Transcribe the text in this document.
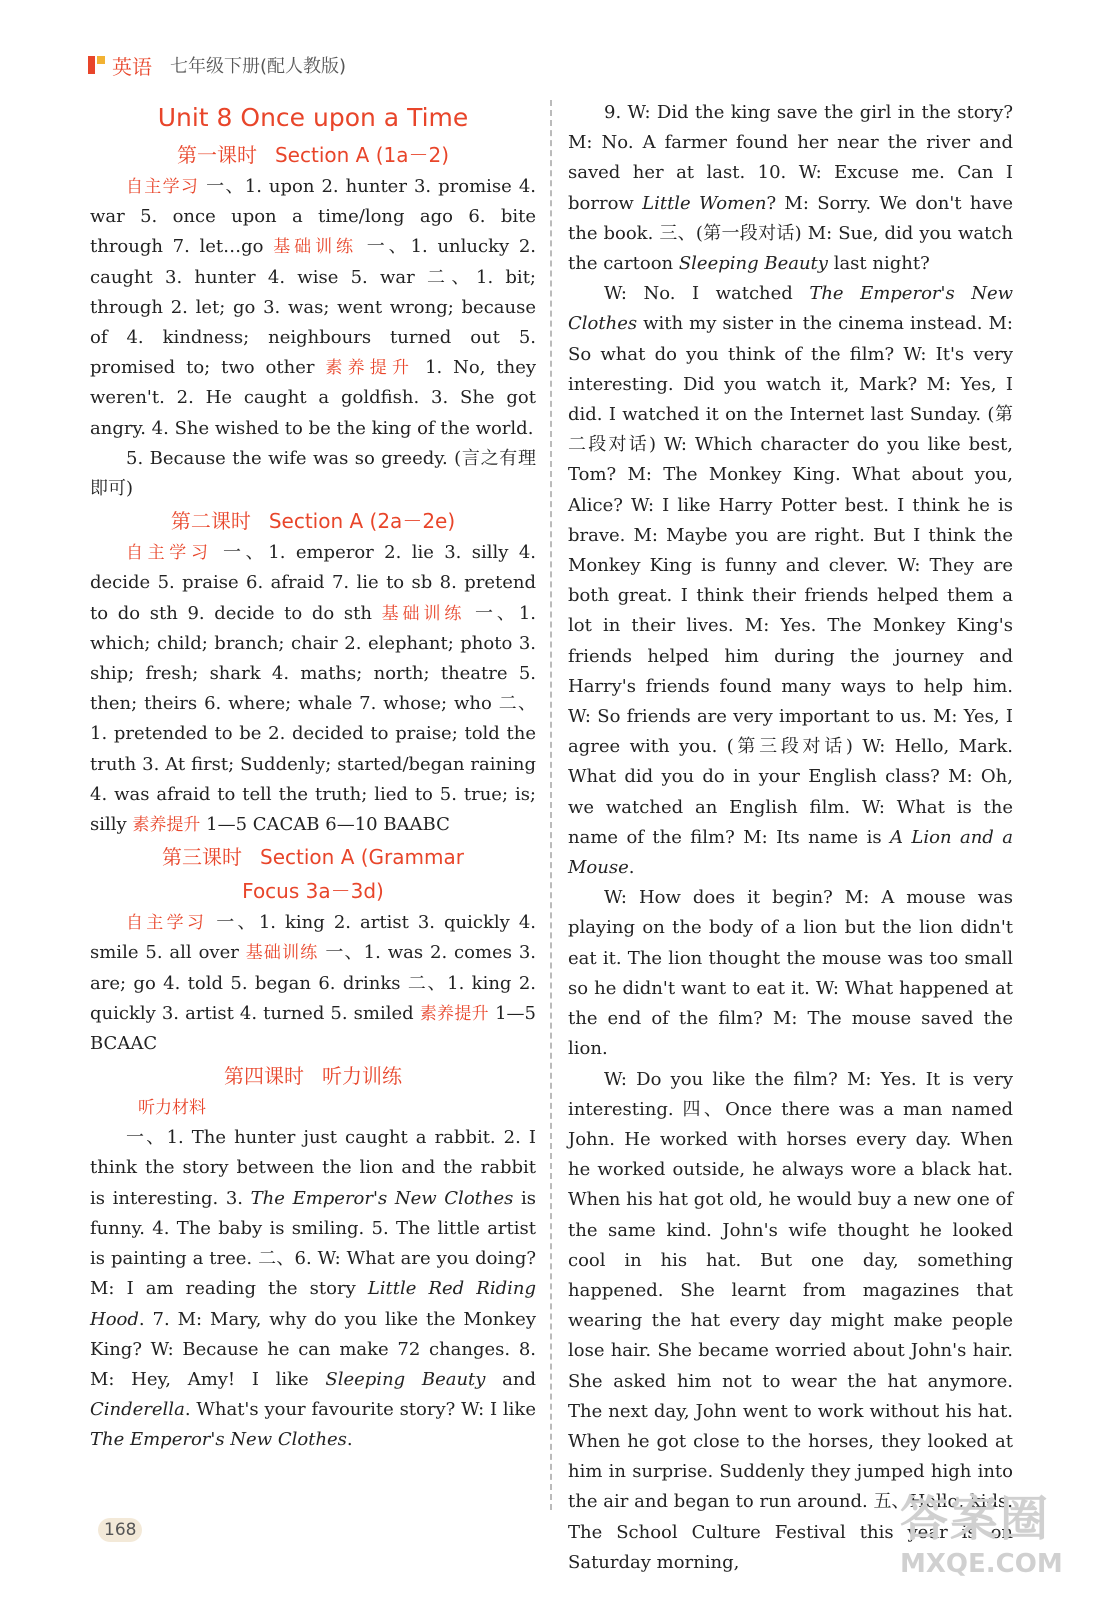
英语 七年级下册(配人教版)
Unit 8 Once upon a Time
第一课时 Section A (1a－2)

自主学习 一、1. upon 2. hunter 3. promise 4. war 5. once upon a time/long ago 6. bite through 7. let…go 基础训练 一、1. unlucky 2. caught 3. hunter 4. wise 5. war 二、1. bit; through 2. let; go 3. was; went wrong; because of 4. kindness; neighbours turned out 5. promised to; two other 素养提升 1. No, they weren't. 2. He caught a goldfish. 3. She got angry. 4. She wished to be the king of the world.

5. Because the wife was so greedy. (言之有理即可)

第二课时 Section A (2a－2e)

自主学习 一、1. emperor 2. lie 3. silly 4. decide 5. praise 6. afraid 7. lie to sb 8. pretend to do sth 9. decide to do sth 基础训练 一、1. which; child; branch; chair 2. elephant; photo 3. ship; fresh; shark 4. maths; north; theatre 5. then; theirs 6. where; whale 7. whose; who 二、1. pretended to be 2. decided to praise; told the truth 3. At first; Suddenly; started/began raining 4. was afraid to tell the truth; lied to 5. true; is; silly 素养提升 1—5 CACAB 6—10 BAABC

第三课时 Section A (Grammar
Focus 3a－3d)

自主学习 一、1. king 2. artist 3. quickly 4. smile 5. all over 基础训练 一、1. was 2. comes 3. are; go 4. told 5. began 6. drinks 二、1. king 2. quickly 3. artist 4. turned 5. smiled 素养提升 1—5 BCAAC

第四课时 听力训练
听力材料

一、1. The hunter just caught a rabbit. 2. I think the story between the lion and the rabbit is interesting. 3. The Emperor's New Clothes is funny. 4. The baby is smiling. 5. The little artist is painting a tree. 二、6. W: What are you doing? M: I am reading the story Little Red Riding Hood. 7. M: Mary, why do you like the Monkey King? W: Because he can make 72 changes. 8. M: Hey, Amy! I like Sleeping Beauty and Cinderella. What's your favourite story? W: I like The Emperor's New Clothes.

9. W: Did the king save the girl in the story? M: No. A farmer found her near the river and saved her at last. 10. W: Excuse me. Can I borrow Little Women? M: Sorry. We don't have the book. 三、(第一段对话) M: Sue, did you watch the cartoon Sleeping Beauty last night?

W: No. I watched The Emperor's New Clothes with my sister in the cinema instead. M: So what do you think of the film? W: It's very interesting. Did you watch it, Mark? M: Yes, I did. I watched it on the Internet last Sunday. (第二段对话) W: Which character do you like best, Tom? M: The Monkey King. What about you, Alice? W: I like Harry Potter best. I think he is brave. M: Maybe you are right. But I think the Monkey King is funny and clever. W: They are both great. I think their friends helped them a lot in their lives. M: Yes. The Monkey King's friends helped him during the journey and Harry's friends found many ways to help him. W: So friends are very important to us. M: Yes, I agree with you. (第三段对话) W: Hello, Mark. What did you do in your English class? M: Oh, we watched an English film. W: What is the name of the film? M: Its name is A Lion and a Mouse.

W: How does it begin? M: A mouse was playing on the body of a lion but the lion didn't eat it. The lion thought the mouse was too small so he didn't want to eat it. W: What happened at the end of the film? M: The mouse saved the lion.

W: Do you like the film? M: Yes. It is very interesting. 四、Once there was a man named John. He worked with horses every day. When he worked outside, he always wore a black hat. When his hat got old, he would buy a new one of the same kind. John's wife thought he looked cool in his hat. But one day, something happened. She learnt from magazines that wearing the hat every day might make people lose hair. She became worried about John's hair. She asked him not to wear the hat anymore. The next day, John went to work without his hat. When he got close to the horses, they looked at him in surprise. Suddenly they jumped high into the air and began to run around. 五、Hello, kids. The School Culture Festival this year is on Saturday morning,

168	答案圈
MXQE.COM
